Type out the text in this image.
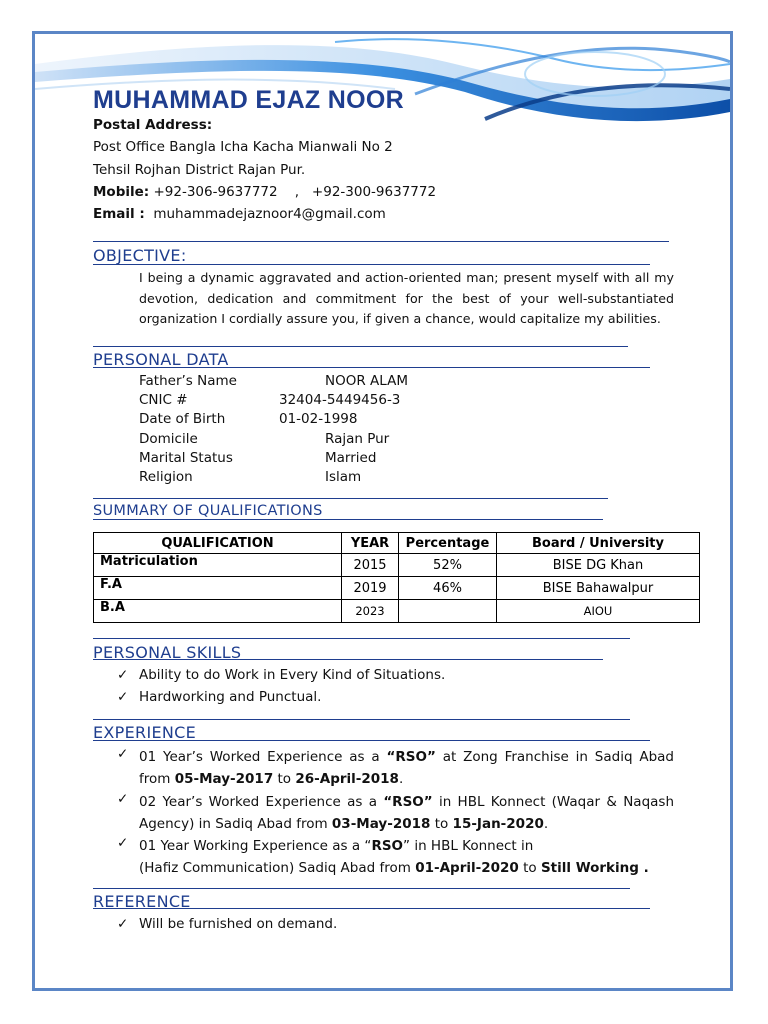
MUHAMMAD EJAZ NOOR
Postal Address:
Post Office Bangla Icha Kacha Mianwali No 2
Tehsil Rojhan District Rajan Pur.
Mobile: +92-306-9637772    ,   +92-300-9637772
Email :  muhammadejaznoor4@gmail.com
OBJECTIVE:
I being a dynamic aggravated and action-oriented man; present myself with all my devotion, dedication and commitment for the best of your well-substantiated organization I cordially assure you, if given a chance, would capitalize my abilities.
PERSONAL DATA
Father’s Name	NOOR ALAM
CNIC #	32404-5449456-3
Date of Birth	01-02-1998
Domicile	Rajan Pur
Marital Status	Married
Religion	Islam
SUMMARY OF QUALIFICATIONS
QUALIFICATION	YEAR	Percentage	Board / University
Matriculation	2015	52%	BISE DG Khan
F.A	2019	46%	BISE Bahawalpur
B.A	2023		AIOU
PERSONAL SKILLS
✓ Ability to do Work in Every Kind of Situations.
✓ Hardworking and Punctual.
EXPERIENCE
✓ 01 Year’s Worked Experience as a “RSO” at Zong Franchise in Sadiq Abad from 05-May-2017 to 26-April-2018.
✓ 02 Year’s Worked Experience as a “RSO” in HBL Konnect (Waqar & Naqash Agency) in Sadiq Abad from 03-May-2018 to 15-Jan-2020.
✓ 01 Year Working Experience as a “RSO” in HBL Konnect in
(Hafiz Communication) Sadiq Abad from 01-April-2020 to Still Working .
REFERENCE
✓ Will be furnished on demand.
